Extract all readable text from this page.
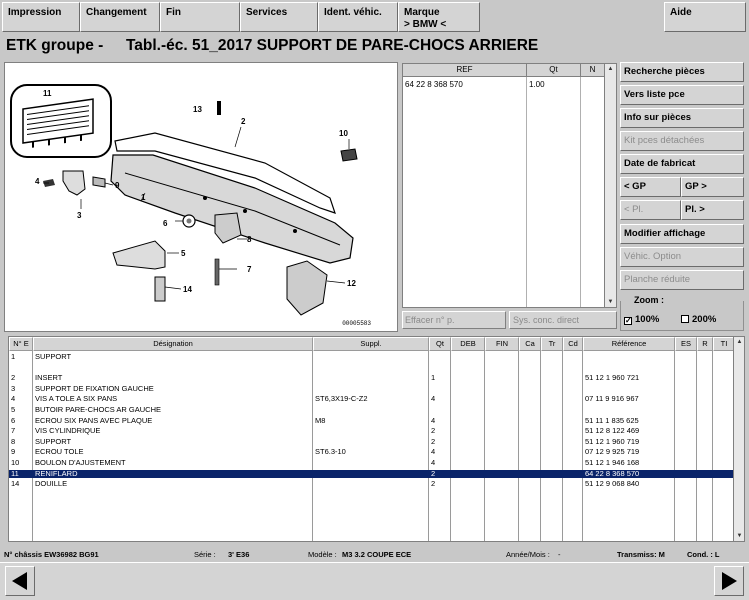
Impression	Changement	Fin	Services	Ident. véhic.	Marque
> BMW <
Aide
ETK groupe - Tabl.-éc. 51_2017 SUPPORT DE PARE-CHOCS ARRIERE
11
13
2
10
4	9
3
1
6
8
5
7
14
12
00005583
REF	Qt	N
64 22 8 368 570	1.00
▲
▼
Effacer n° p.	Sys. conc. direct
Recherche pièces
Vers liste pce
Info sur pièces
Kit pces détachées
Date de fabricat
< GP	GP >
< Pl.	Pl. >
Modifier affichage
Véhic. Option
Planche réduite
Zoom :
✓ 100%	200%
N° E	Désignation	Suppl.	Qt	DEB	FIN	Ca	Tr	Cd	Référence	ES	R	TI
1	SUPPORT
2	INSERT	1	51 12 1 960 721
3	SUPPORT DE FIXATION GAUCHE
4	VIS A TOLE A SIX PANS	ST6,3X19-C-Z2	4	07 11 9 916 967
5	BUTOIR PARE-CHOCS AR GAUCHE
6	ECROU SIX PANS AVEC PLAQUE	M8	4	51 11 1 835 625
7	VIS CYLINDRIQUE	2	51 12 8 122 469
8	SUPPORT	2	51 12 1 960 719
9	ECROU TOLE	ST6.3-10	4	07 12 9 925 719
10 BOULON D'AJUSTEMENT	4	51 12 1 946 168
11 RENIFLARD	2	64 22 8 368 570
14 DOUILLE	2	51 12 9 068 840
▲
▼
N° châssis EW36982 BG91	Série : 3' E36	Modèle : M3 3.2 COUPE ECE	Année/Mois : -	Transmiss: M	Cond. : L
